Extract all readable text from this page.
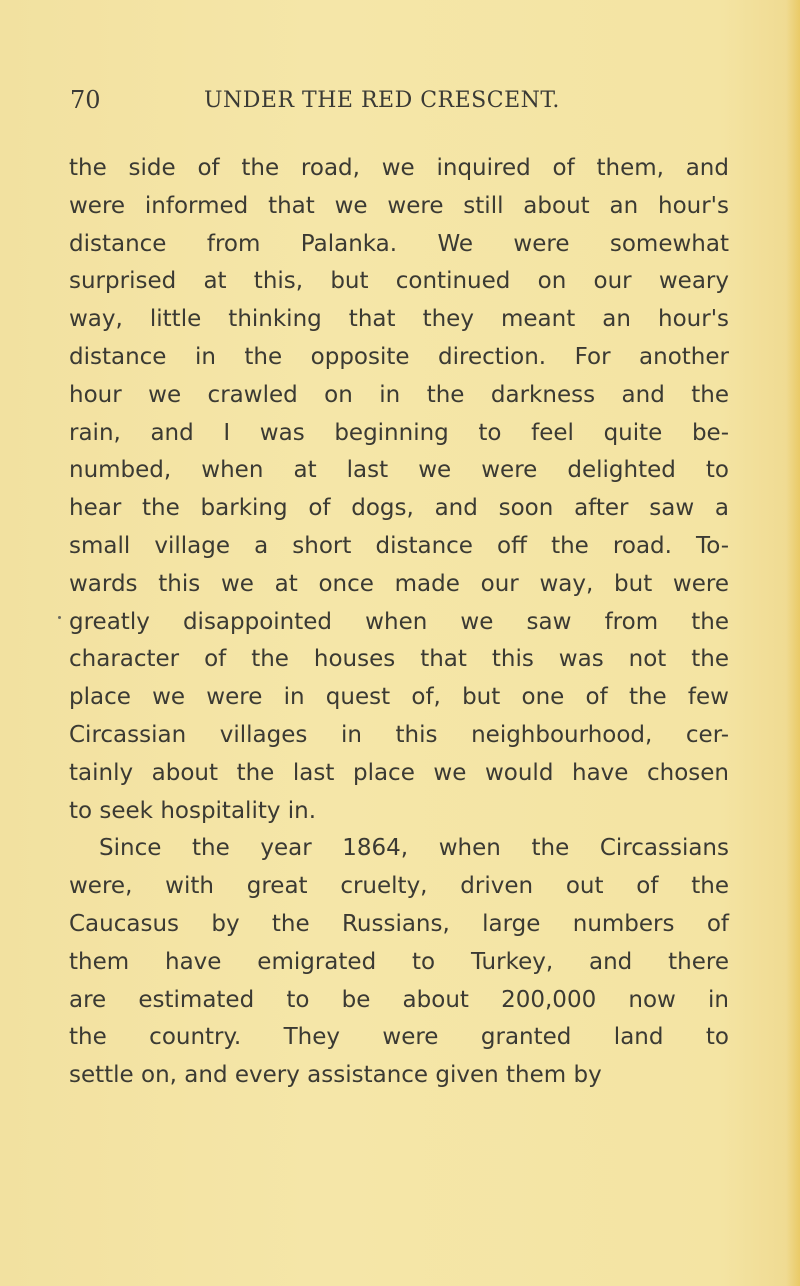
70	UNDER THE RED CRESCENT.
the side of the road, we inquired of them, and
were informed that we were still about an hour's
distance from Palanka. We were somewhat
surprised at this, but continued on our weary
way, little thinking that they meant an hour's
distance in the opposite direction. For another
hour we crawled on in the darkness and the
rain, and I was beginning to feel quite be-
numbed, when at last we were delighted to
hear the barking of dogs, and soon after saw a
small village a short distance off the road. To-
wards this we at once made our way, but were
greatly disappointed when we saw from the
character of the houses that this was not the
place we were in quest of, but one of the few
Circassian villages in this neighbourhood, cer-
tainly about the last place we would have chosen
to seek hospitality in.
Since the year 1864, when the Circassians
were, with great cruelty, driven out of the
Caucasus by the Russians, large numbers of
them have emigrated to Turkey, and there
are estimated to be about 200,000 now in
the country. They were granted land to
settle on, and every assistance given them by
